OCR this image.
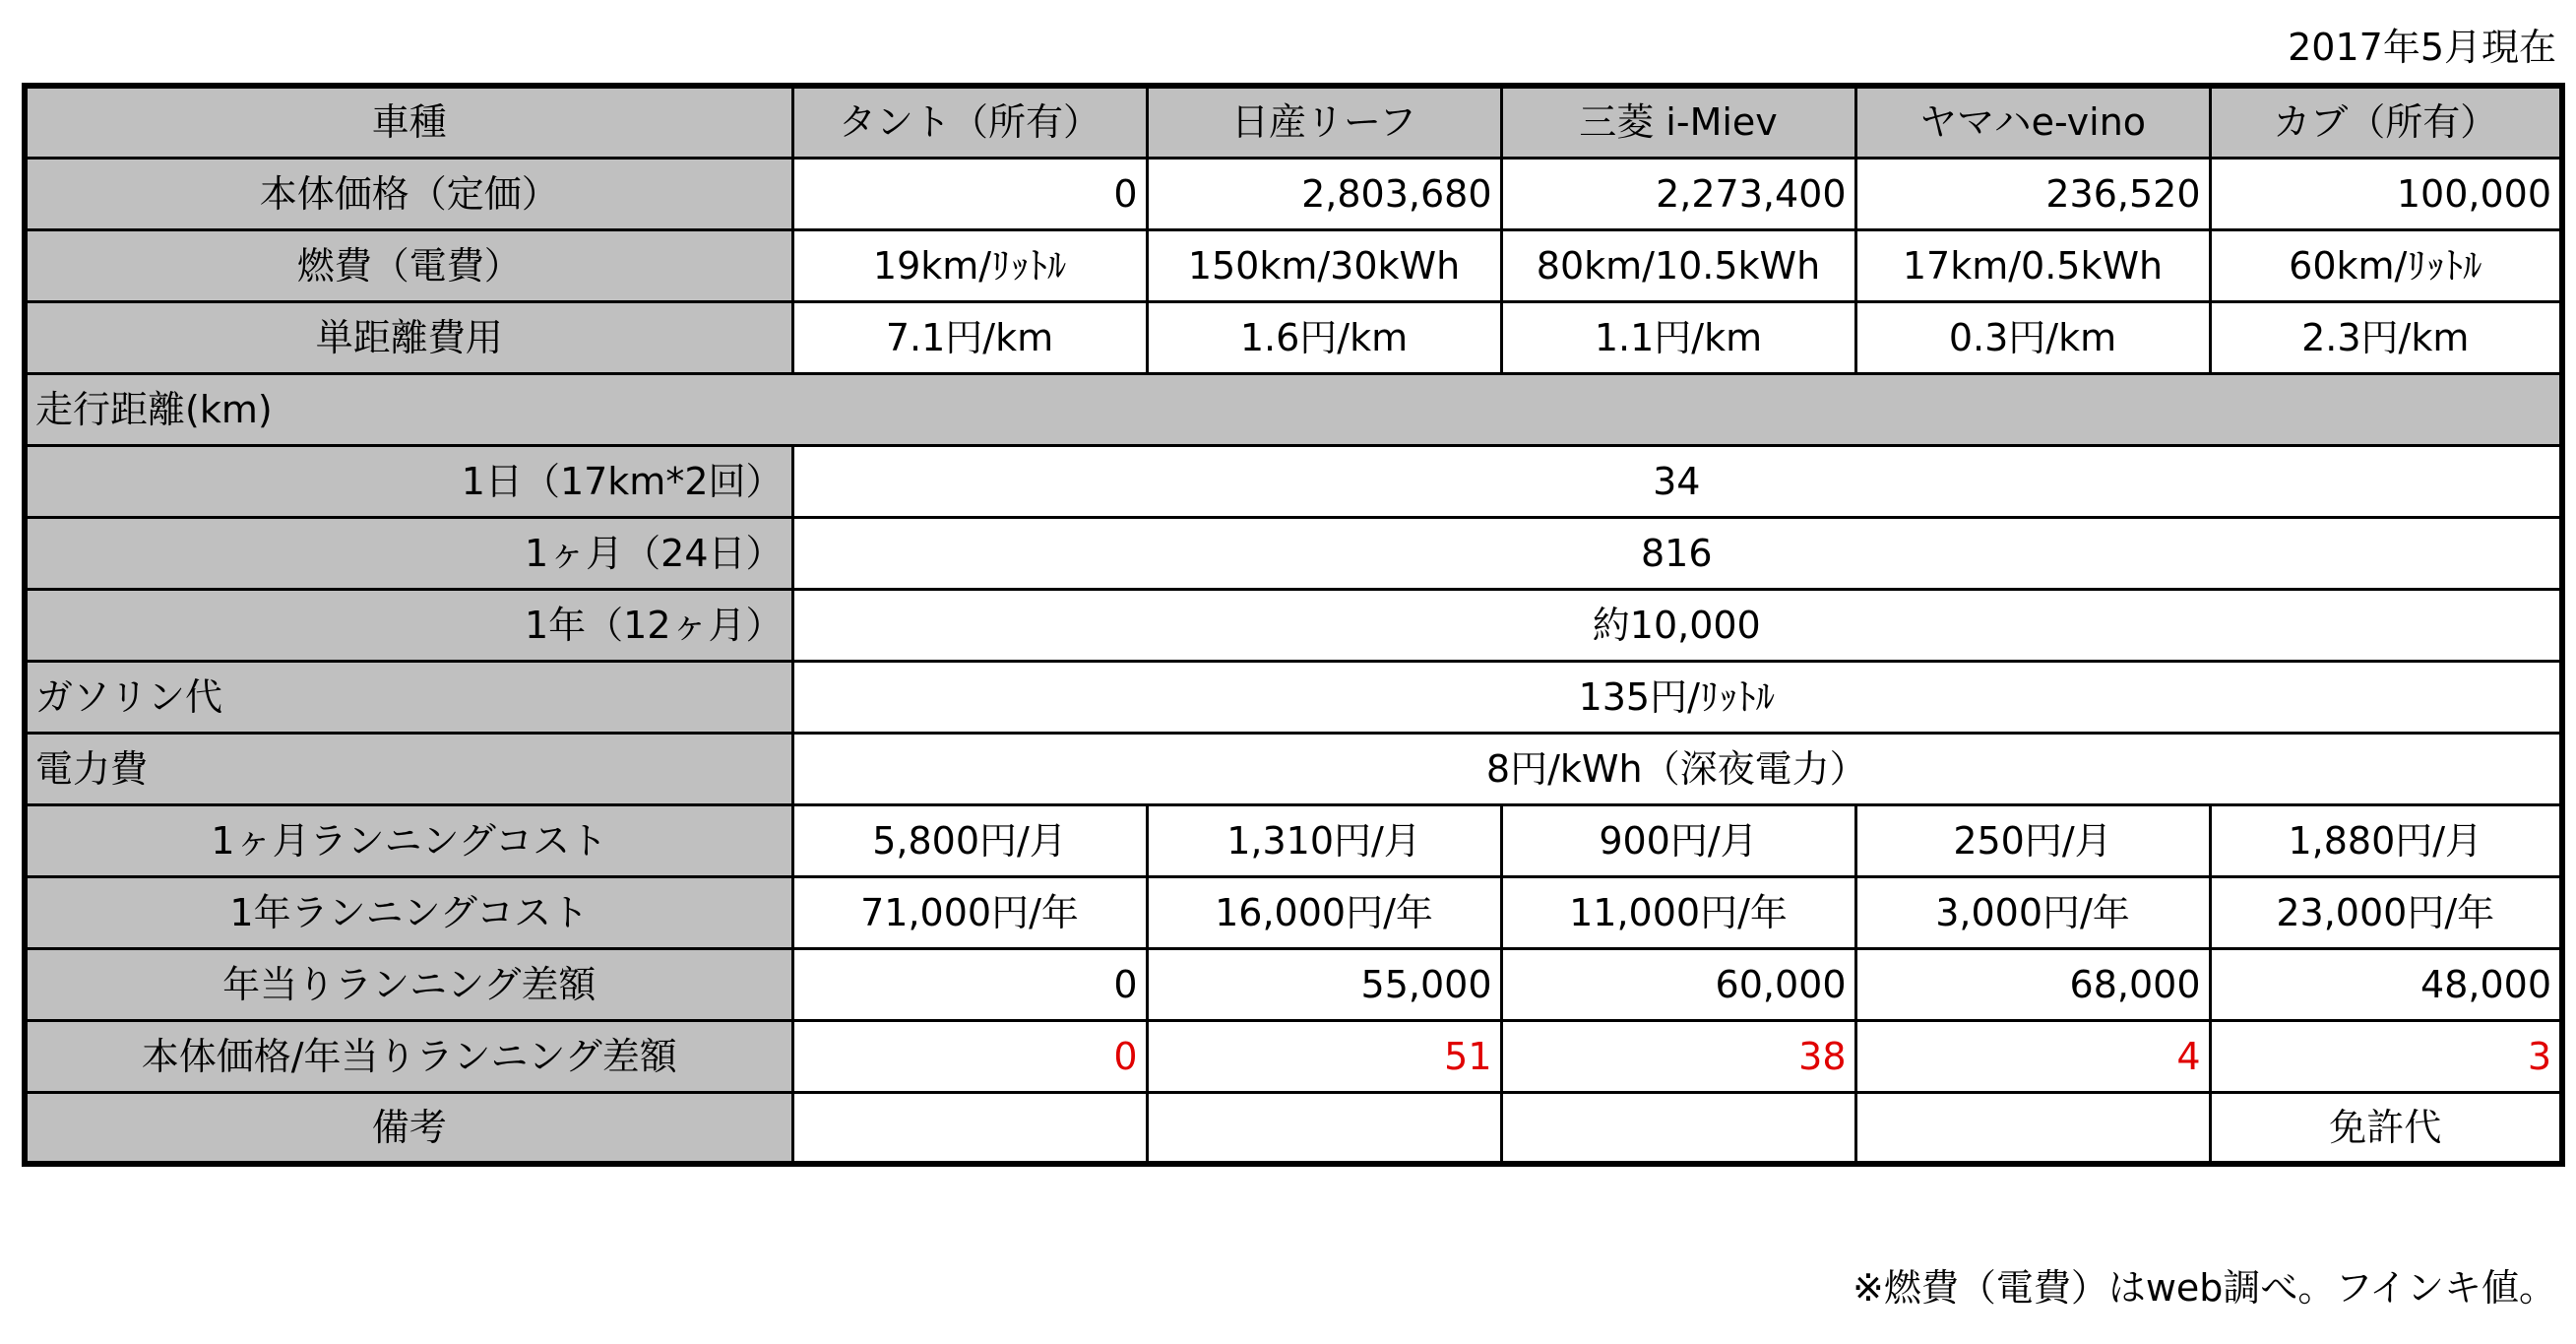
2017年5月現在
車種	タント（所有）	日産リーフ	三菱 i-Miev	ヤマハe-vino	カブ（所有）
本体価格（定価）	0	2,803,680	2,273,400	236,520	100,000
燃費（電費）	19km/ﾘｯﾄﾙ	150km/30kWh	80km/10.5kWh	17km/0.5kWh	60km/ﾘｯﾄﾙ
単距離費用	7.1円/km	1.6円/km	1.1円/km	0.3円/km	2.3円/km
走行距離(km)					
1日（17km*2回）	34				
1ヶ月（24日）	816				
1年（12ヶ月）	約10,000				
ガソリン代	135円/ﾘｯﾄﾙ				
電力費	8円/kWh（深夜電力）				
1ヶ月ランニングコスト	5,800円/月	1,310円/月	900円/月	250円/月	1,880円/月
1年ランニングコスト	71,000円/年	16,000円/年	11,000円/年	3,000円/年	23,000円/年
年当りランニング差額	0	55,000	60,000	68,000	48,000
本体価格/年当りランニング差額	0	51	38	4	3
備考					免許代
※燃費（電費）はweb調べ。フインキ値。
